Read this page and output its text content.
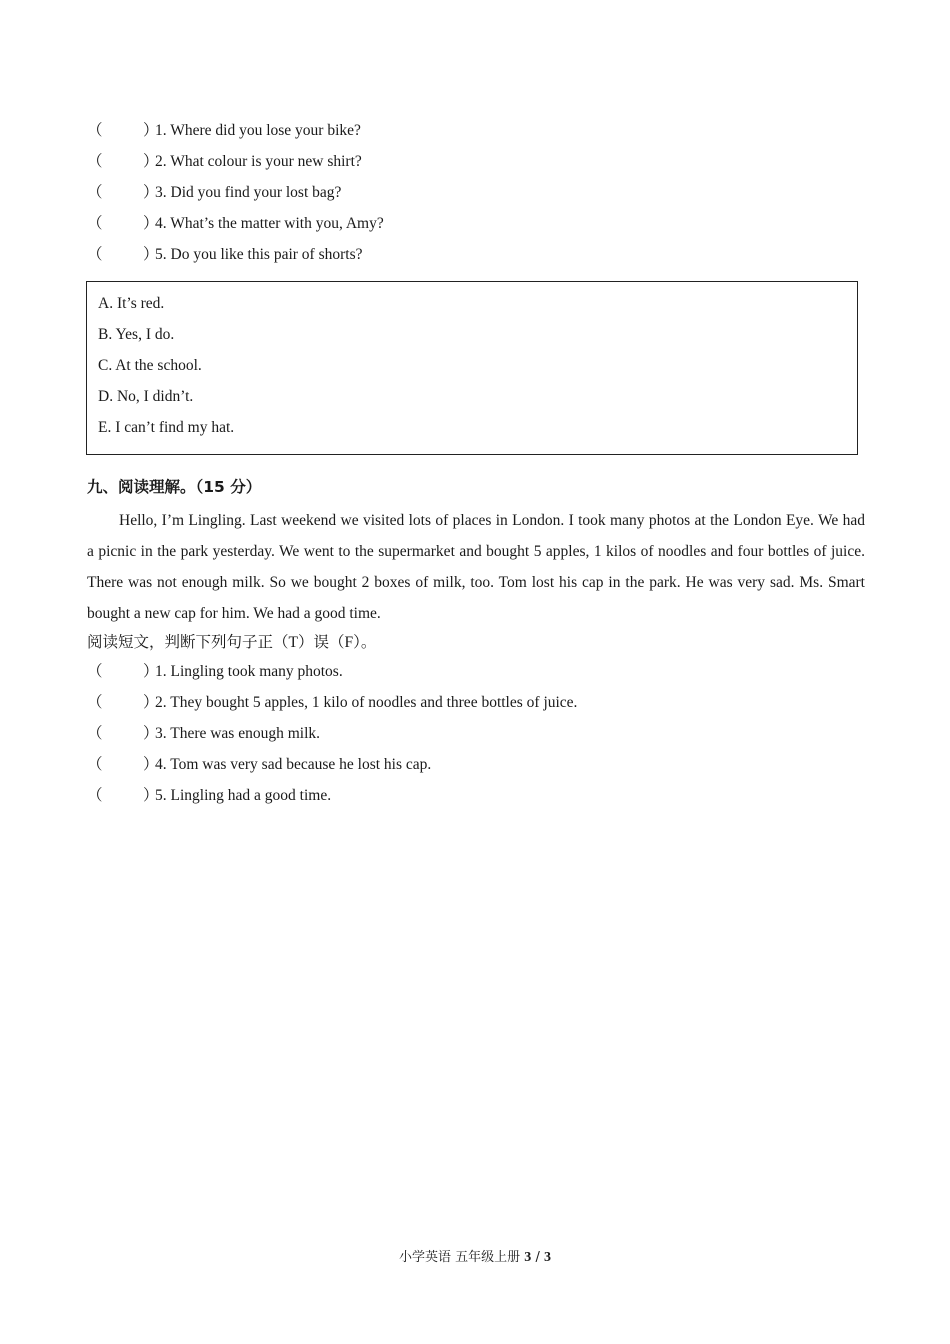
（	）1. Where did you lose your bike?
（	）2. What colour is your new shirt?
（	）3. Did you find your lost bag?
（	）4. What’s the matter with you, Amy?
（	）5. Do you like this pair of shorts?
A. It’s red.
B. Yes, I do.
C. At the school.
D. No, I didn’t.
E. I can’t find my hat.
九、阅读理解。（15 分）
Hello, I’m Lingling. Last weekend we visited lots of places in London. I took many photos at the London Eye. We had a picnic in the park yesterday. We went to the supermarket and bought 5 apples, 1 kilos of noodles and four bottles of juice. There was not enough milk. So we bought 2 boxes of milk, too. Tom lost his cap in the park. He was very sad. Ms. Smart bought a new cap for him. We had a good time.
阅读短文，判断下列句子正（T）误（F）。
（	）1. Lingling took many photos.
（	）2. They bought 5 apples, 1 kilo of noodles and three bottles of juice.
（	）3. There was enough milk.
（	）4. Tom was very sad because he lost his cap.
（	）5. Lingling had a good time.
小学英语 五年级上册 3 / 3
